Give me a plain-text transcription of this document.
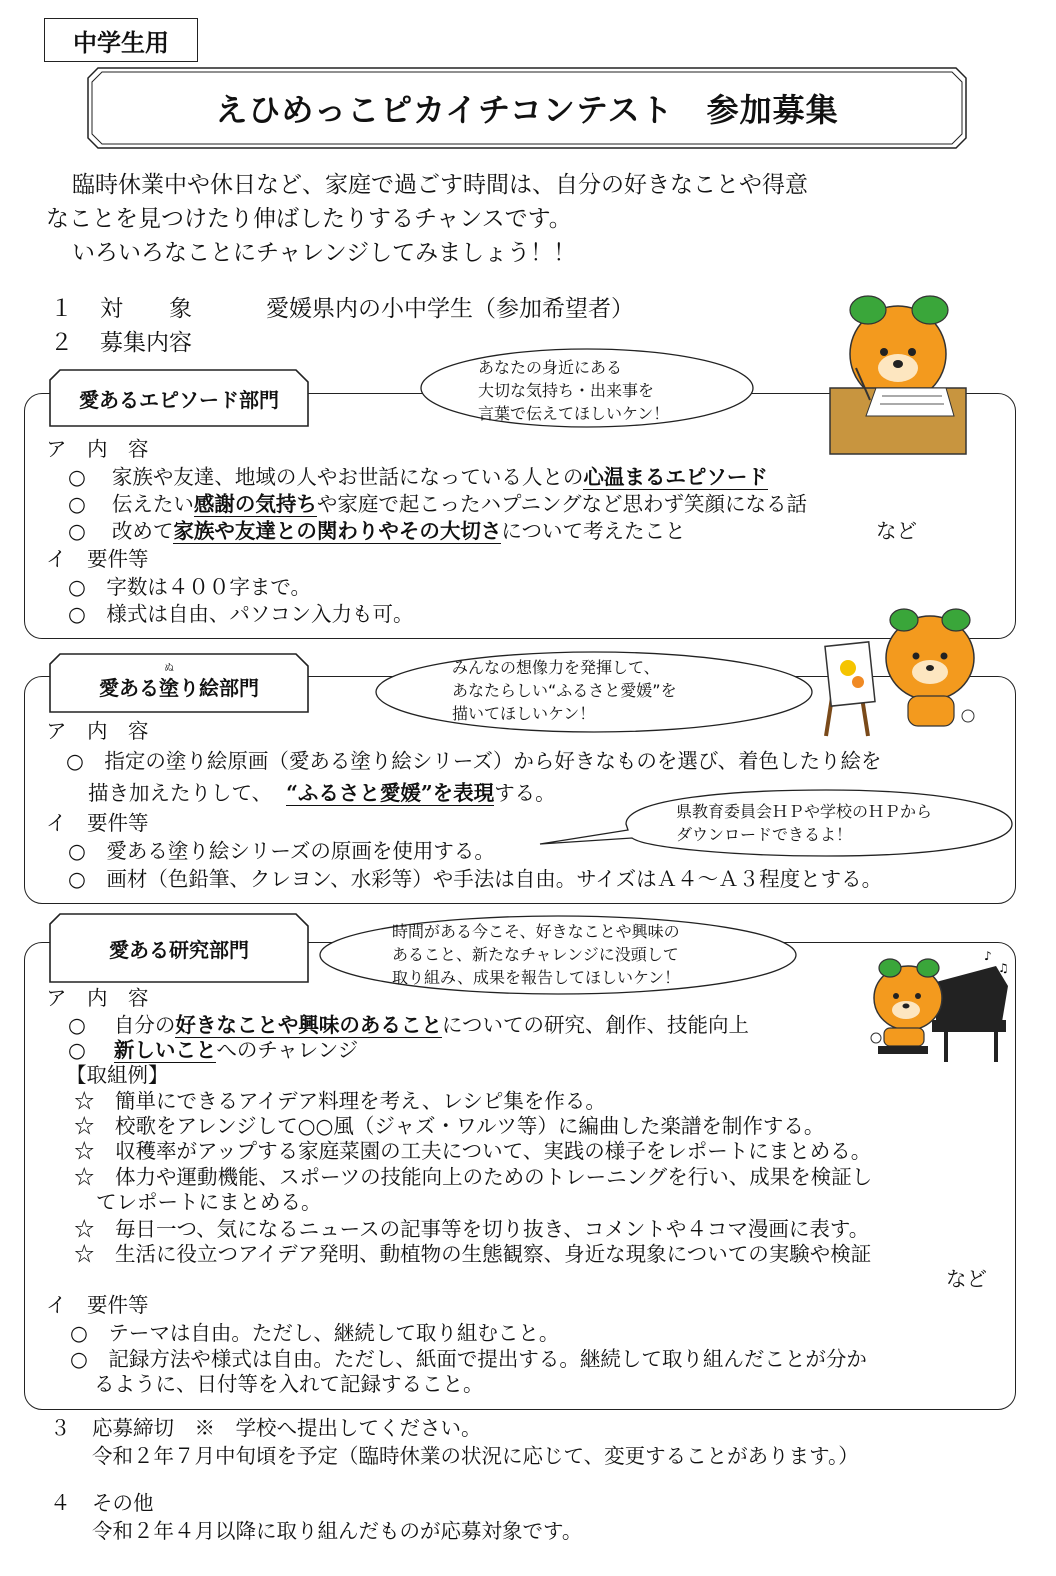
中学生用
えひめっこピカイチコンテスト　参加募集
臨時休業中や休日など、家庭で過ごす時間は、自分の好きなことや得意
なことを見つけたり伸ばしたりするチャンスです。
いろいろなことにチャレンジしてみましょう！！
１ 対　　象	愛媛県内の小中学生（参加希望者）
２ 募集内容
愛あるエピソード部門
あなたの身近にある
大切な気持ち・出来事を
言葉で伝えてほしいケン！
ア　内　容
○ 家族や友達、地域の人やお世話になっている人との心温まるエピソード
○ 伝えたい感謝の気持ちや家庭で起こったハプニングなど思わず笑顔になる話
○ 改めて家族や友達との関わりやその大切さについて考えたこと	など
イ　要件等
○　字数は４００字まで。
○　様式は自由、パソコン入力も可。
愛ある 塗
ぬ
り絵部門
みんなの想像力を発揮して、
あなたらしい“ふるさと愛媛”を
描いてほしいケン！
ア　内　容
○　指定の塗り絵原画（愛ある塗り絵シリーズ）から好きなものを選び、着色したり絵を
描き加えたりして、 “ふるさと愛媛”を表現する。
イ　要件等	県教育委員会ＨＰや学校のＨＰから
ダウンロードできるよ！
○　愛ある塗り絵シリーズの原画を使用する。
○　画材（色鉛筆、クレヨン、水彩等）や手法は自由。サイズはＡ４～Ａ３程度とする。
愛ある研究部門
時間がある今こそ、好きなことや興味の
あること、新たなチャレンジに没頭して
取り組み、成果を報告してほしいケン！
♪
♫
ア　内　容
○ 自分の好きなことや興味のあることについての研究、創作、技能向上
○ 新しいことへのチャレンジ
【取組例】
☆　簡単にできるアイデア料理を考え、レシピ集を作る。
☆　校歌をアレンジして○○風（ジャズ・ワルツ等）に編曲した楽譜を制作する。
☆　収穫率がアップする家庭菜園の工夫について、実践の様子をレポートにまとめる。
☆　体力や運動機能、スポーツの技能向上のためのトレーニングを行い、成果を検証し
てレポートにまとめる。
☆　毎日一つ、気になるニュースの記事等を切り抜き、コメントや４コマ漫画に表す。
☆　生活に役立つアイデア発明、動植物の生態観察、身近な現象についての実験や検証
など
イ　要件等
○　テーマは自由。ただし、継続して取り組むこと。
○　記録方法や様式は自由。ただし、紙面で提出する。継続して取り組んだことが分か
るように、日付等を入れて記録すること。
３ 応募締切　※　学校へ提出してください。
令和２年７月中旬頃を予定（臨時休業の状況に応じて、変更することがあります。）
４ その他
令和２年４月以降に取り組んだものが応募対象です。
